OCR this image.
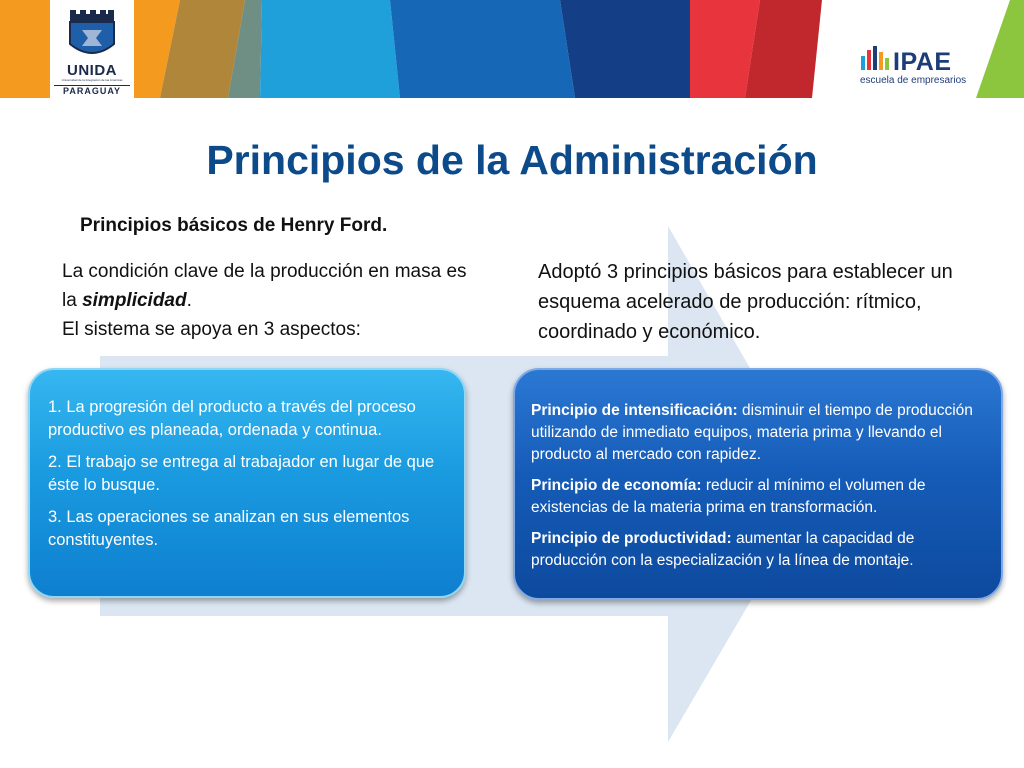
UNIDA
Universidad de la Integración de las Américas
PARAGUAY
IPAE
escuela de empresarios
Principios de la Administración
Principios básicos de Henry Ford.
La condición clave de la producción en masa es la simplicidad.
El sistema se apoya en 3 aspectos:
Adoptó 3 principios básicos para establecer un esquema acelerado de producción: rítmico, coordinado y económico.

1. La progresión del producto a través del proceso productivo es planeada, ordenada y continua.

2. El trabajo se entrega al trabajador en lugar de que éste lo busque.

3. Las operaciones se analizan en sus elementos constituyentes.

Principio de intensificación: disminuir el tiempo de producción utilizando de inmediato equipos, materia prima y llevando el producto al mercado con rapidez.

Principio de economía: reducir al mínimo el volumen de existencias de la materia prima en transformación.

Principio de productividad: aumentar la capacidad de producción con la especialización y la línea de montaje.
